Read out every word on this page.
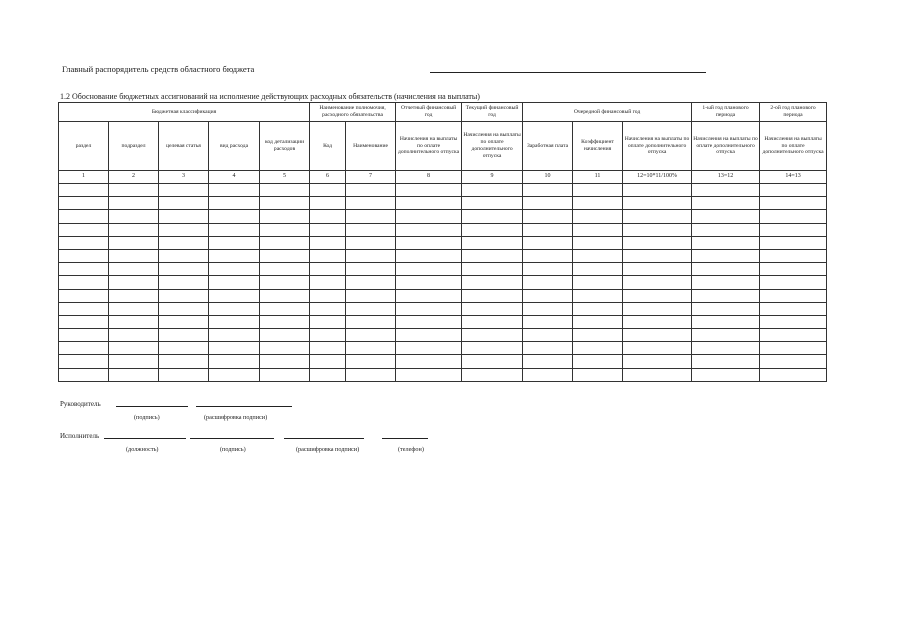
Главный распорядитель средств областного бюджета
1.2 Обоснование бюджетных ассигнований на исполнение действующих расходных обязательств (начисления на выплаты)
Бюджетная классификация					Наименование полномочия, расходного обязательства		Отчетный финансовый год	Текущий финансовый год	Очередной финансовый год			1-ый год планового периода	2-ой год планового периода
раздел	подраздел	целевая статья	вид расхода	код детализации расходов	Код	Наименование	Начисления на выплаты по оплате дополнительного отпуска	Начисления на выплаты по оплате дополнительного отпуска	Заработная плата	Коэффициент начисления	Начисления на выплаты по оплате дополнительного отпуска	Начисления на выплаты по оплате дополнительного отпуска	Начисления на выплаты по оплате дополнительного отпуска
1	2	3	4	5	6	7	8	9	10	11	12=10*11/100%	13=12	14=13

Руководитель
(подпись)	(расшифровка подписи)
Исполнитель
(должность)	(подпись)	(расшифровка подписи)	(телефон)
